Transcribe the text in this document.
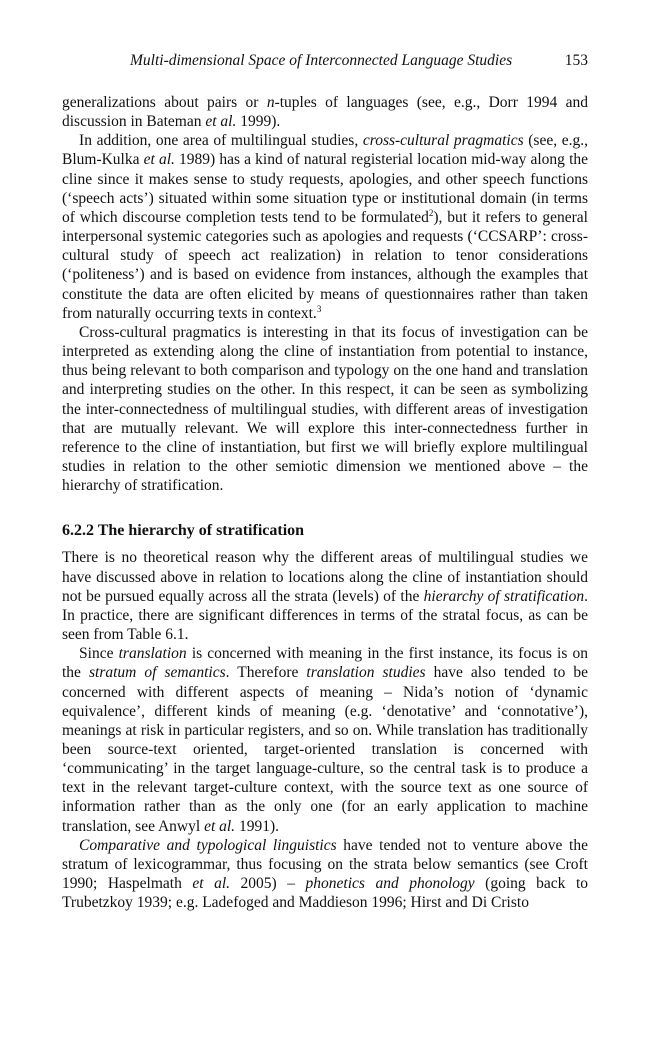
Multi-dimensional Space of Interconnected Language Studies	153

generalizations about pairs or n-tuples of languages (see, e.g., Dorr 1994 and discussion in Bateman et al. 1999).

In addition, one area of multilingual studies, cross-cultural pragmatics (see, e.g., Blum-Kulka et al. 1989) has a kind of natural registerial location mid-way along the cline since it makes sense to study requests, apologies, and other speech functions (‘speech acts’) situated within some situation type or institutional domain (in terms of which discourse completion tests tend to be formulated$^2$), but it refers to general interpersonal systemic categories such as apologies and requests (‘CCSARP’: cross-cultural study of speech act realization) in relation to tenor considerations (‘politeness’) and is based on evidence from instances, although the examples that constitute the data are often elicited by means of questionnaires rather than taken from naturally occurring texts in context.$^3$

Cross-cultural pragmatics is interesting in that its focus of investigation can be interpreted as extending along the cline of instantiation from potential to instance, thus being relevant to both comparison and typology on the one hand and translation and interpreting studies on the other. In this respect, it can be seen as symbolizing the inter-connectedness of multilingual studies, with different areas of investigation that are mutually relevant. We will explore this inter-connectedness further in reference to the cline of instantiation, but first we will briefly explore multilingual studies in relation to the other semiotic dimension we mentioned above – the hierarchy of stratification.

6.2.2 The hierarchy of stratification

There is no theoretical reason why the different areas of multilingual studies we have discussed above in relation to locations along the cline of instantiation should not be pursued equally across all the strata (levels) of the hierarchy of stratification. In practice, there are significant differences in terms of the stratal focus, as can be seen from Table 6.1.

Since translation is concerned with meaning in the first instance, its focus is on the stratum of semantics. Therefore translation studies have also tended to be concerned with different aspects of meaning – Nida’s notion of ‘dynamic equivalence’, different kinds of meaning (e.g. ‘denotative’ and ‘connotative’), meanings at risk in particular registers, and so on. While translation has traditionally been source-text oriented, target-oriented translation is concerned with ‘communicating’ in the target language-culture, so the central task is to produce a text in the relevant target-culture context, with the source text as one source of information rather than as the only one (for an early application to machine translation, see Anwyl et al. 1991).

Comparative and typological linguistics have tended not to venture above the stratum of lexicogrammar, thus focusing on the strata below semantics (see Croft 1990; Haspelmath et al. 2005) – phonetics and phonology (going back to Trubetzkoy 1939; e.g. Ladefoged and Maddieson 1996; Hirst and Di Cristo
